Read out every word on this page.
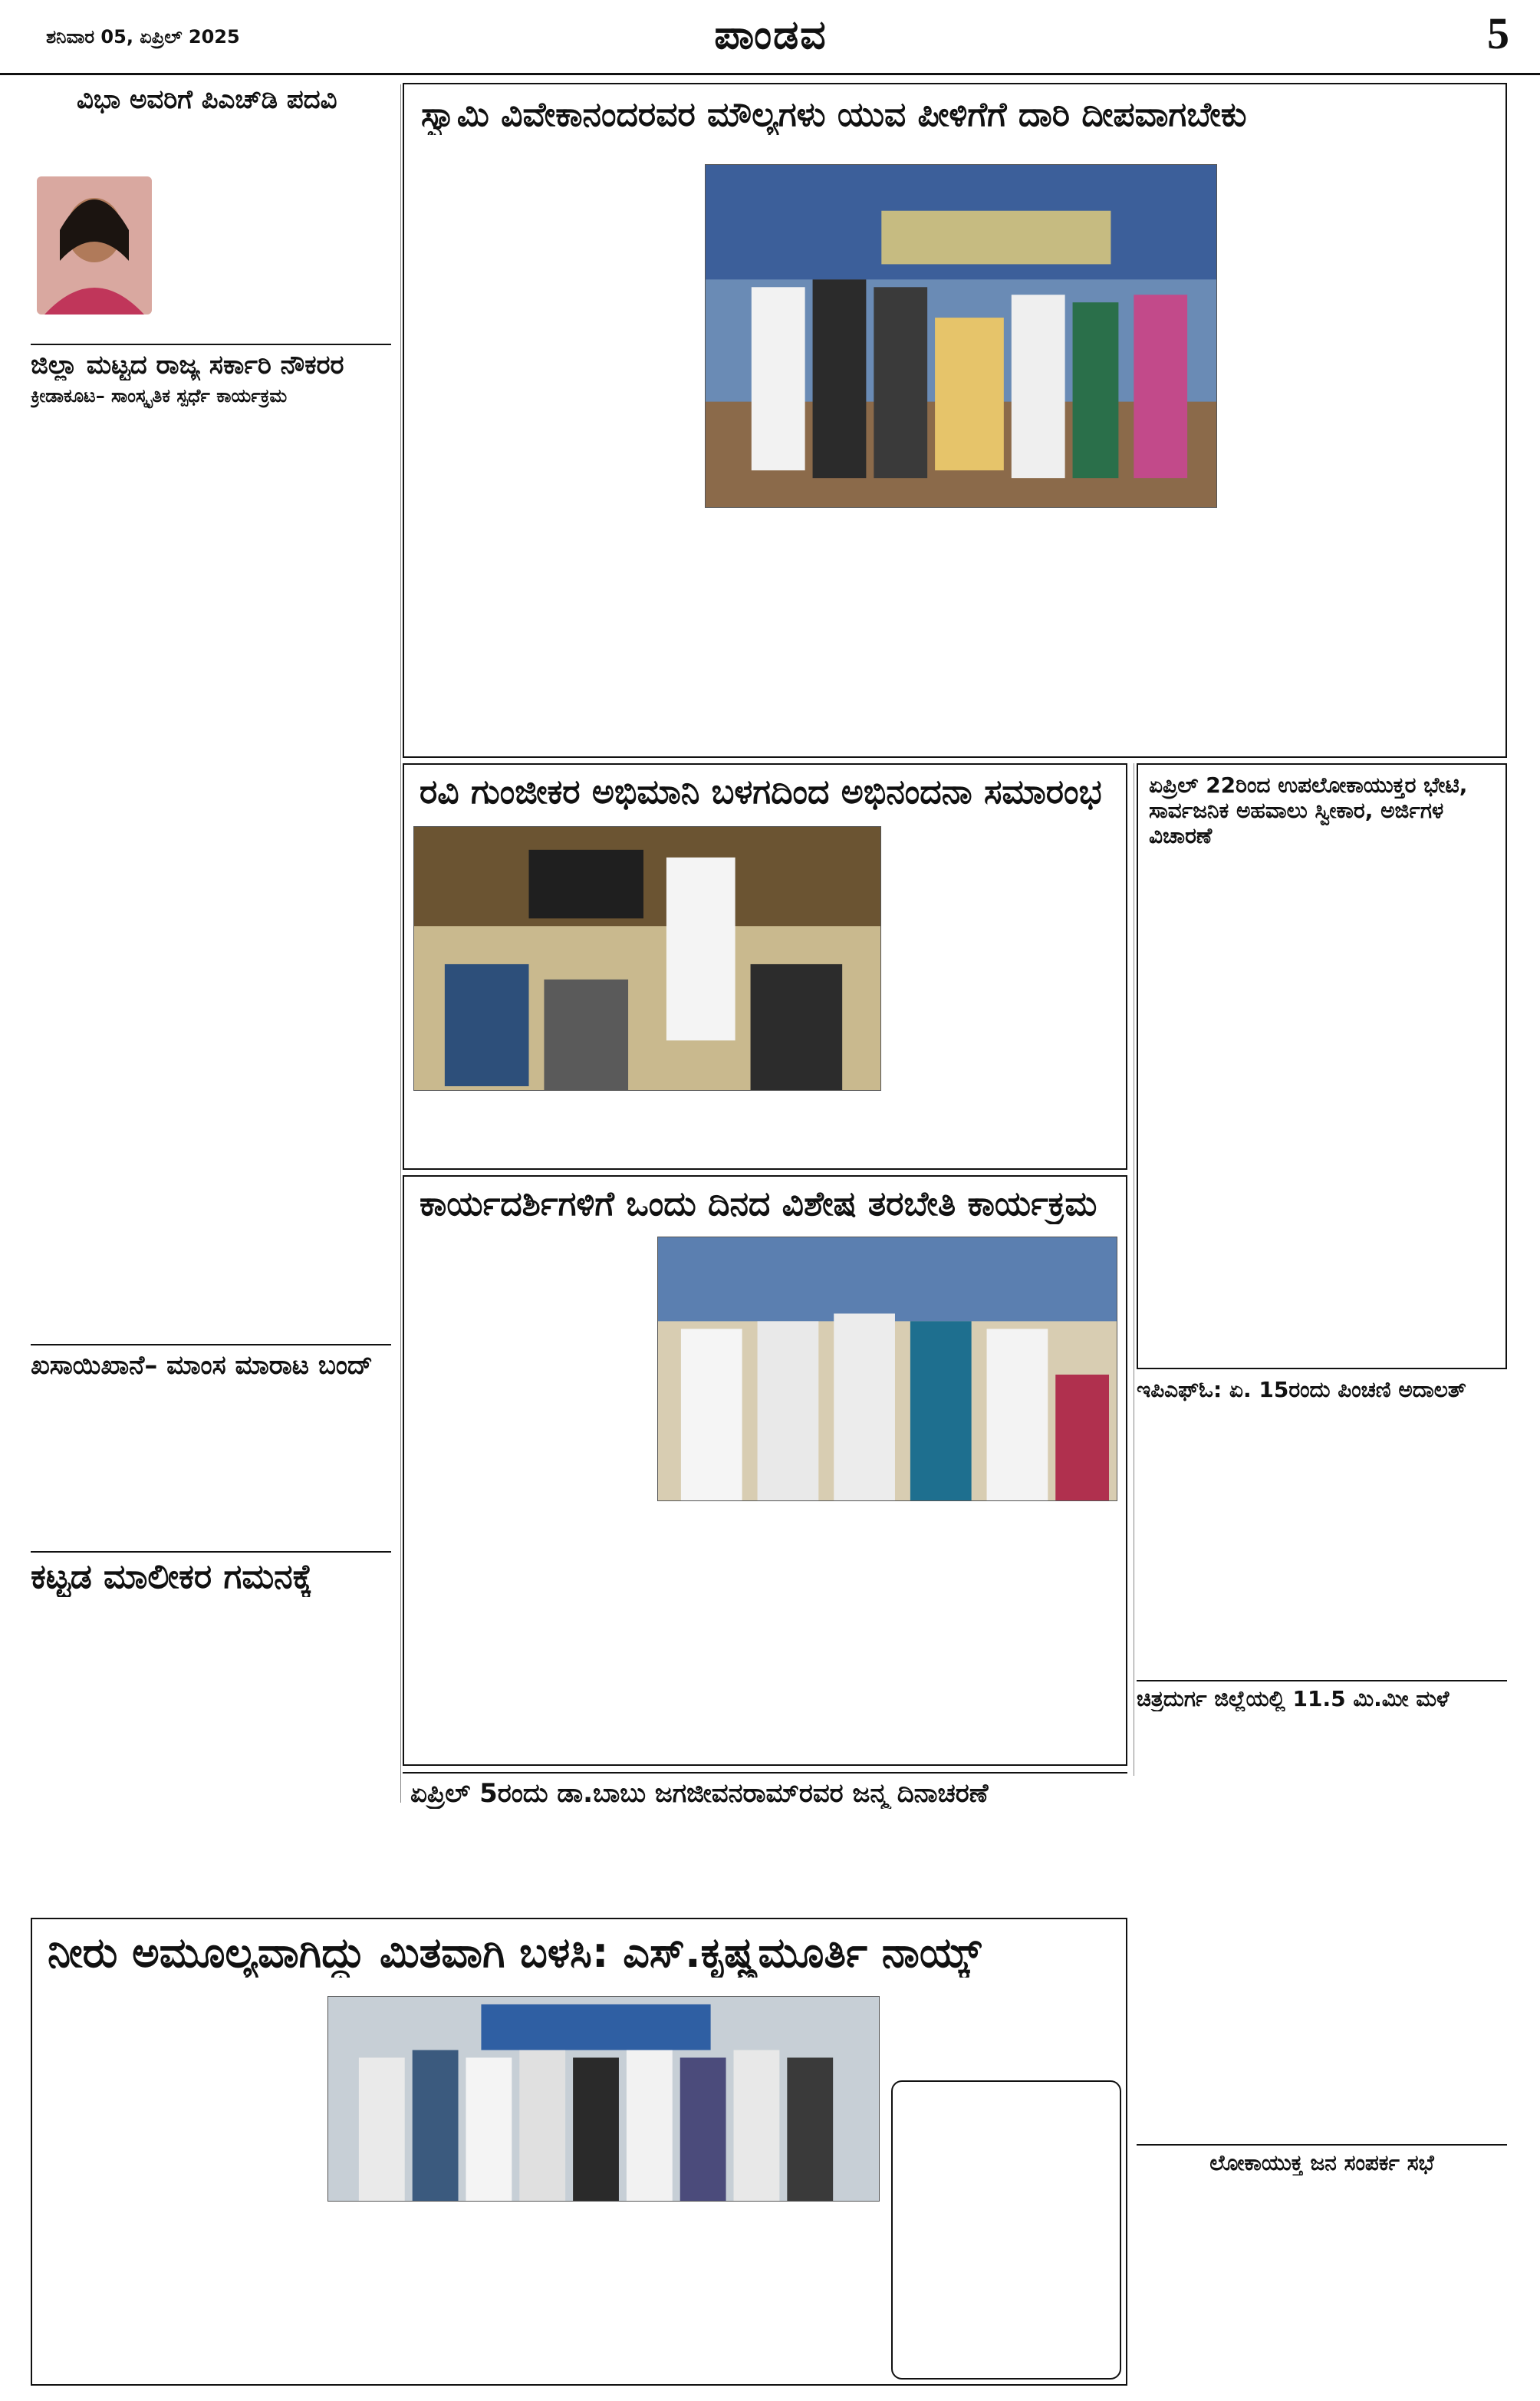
ಶನಿವಾರ 05, ಏಪ್ರಿಲ್ 2025	ಪಾಂಡವ	5
ವಿಭಾ ಅವರಿಗೆ ಪಿಎಚ್‌ಡಿ ಪದವಿ
ಜಿಲ್ಲಾ ಮಟ್ಟದ ರಾಜ್ಯ ಸರ್ಕಾರಿ ನೌಕರರ
ಕ್ರೀಡಾಕೂಟ– ಸಾಂಸ್ಕೃತಿಕ ಸ್ಪರ್ಧೆ ಕಾರ್ಯಕ್ರಮ
ಖಸಾಯಿಖಾನೆ– ಮಾಂಸ ಮಾರಾಟ ಬಂದ್
ಕಟ್ಟಡ ಮಾಲೀಕರ ಗಮನಕ್ಕೆ
ಸ್ವಾಮಿ ವಿವೇಕಾನಂದರವರ ಮೌಲ್ಯಗಳು ಯುವ ಪೀಳಿಗೆಗೆ ದಾರಿ ದೀಪವಾಗಬೇಕು
ರವಿ ಗುಂಜೀಕರ ಅಭಿಮಾನಿ ಬಳಗದಿಂದ ಅಭಿನಂದನಾ ಸಮಾರಂಭ
ಕಾರ್ಯದರ್ಶಿಗಳಿಗೆ ಒಂದು ದಿನದ ವಿಶೇಷ ತರಬೇತಿ ಕಾರ್ಯಕ್ರಮ
ಏಪ್ರಿಲ್ 22ರಿಂದ ಉಪಲೋಕಾಯುಕ್ತರ ಭೇಟಿ, ಸಾರ್ವಜನಿಕ ಅಹವಾಲು ಸ್ವೀಕಾರ, ಅರ್ಜಿಗಳ ವಿಚಾರಣೆ
ಇಪಿಎಫ್ಓ: ಏ. 15ರಂದು ಪಿಂಚಣಿ ಅದಾಲತ್
ಚಿತ್ರದುರ್ಗ ಜಿಲ್ಲೆಯಲ್ಲಿ 11.5 ಮಿ.ಮೀ ಮಳೆ
ಲೋಕಾಯುಕ್ತ ಜನ ಸಂಪರ್ಕ ಸಭೆ
ಏಪ್ರಿಲ್ 5ರಂದು ಡಾ.ಬಾಬು ಜಗಜೀವನರಾಮ್‌ರವರ ಜನ್ಮ ದಿನಾಚರಣೆ
ನೀರು ಅಮೂಲ್ಯವಾಗಿದ್ದು ಮಿತವಾಗಿ ಬಳಸಿ: ಎಸ್.ಕೃಷ್ಣಮೂರ್ತಿ ನಾಯ್ಕ್
